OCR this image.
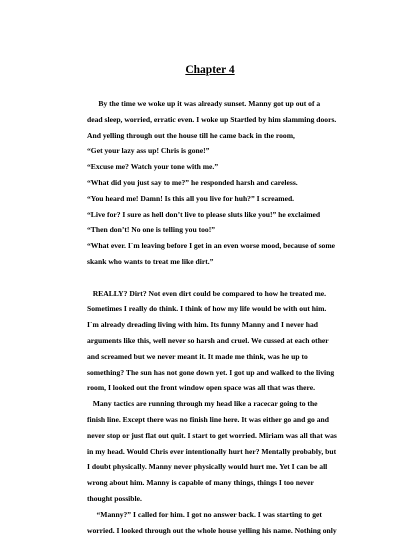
Chapter 4
By the time we woke up it was already sunset. Manny got up out of a
dead sleep, worried, erratic even. I woke up Startled by him slamming doors.
And yelling through out the house till he came back in the room,
“Get your lazy ass up! Chris is gone!”
“Excuse me? Watch your tone with me.”
“What did you just say to me?” he responded harsh and careless.
“You heard me! Damn! Is this all you live for huh?” I screamed.
“Live for? I sure as hell don’t live to please sluts like you!” he exclaimed
“Then don’t! No one is telling you too!”
“What ever. I`m leaving before I get in an even worse mood, because of some
skank who wants to treat me like dirt.”
REALLY? Dirt? Not even dirt could be compared to how he treated me.
Sometimes I really do think. I think of how my life would be with out him.
I`m already dreading living with him. Its funny Manny and I never had
arguments like this, well never so harsh and cruel. We cussed at each other
and screamed but we never meant it. It made me think, was he up to
something? The sun has not gone down yet. I got up and walked to the living
room, I looked out the front window open space was all that was there.
Many tactics are running through my head like a racecar going to the
finish line. Except there was no finish line here. It was either go and go and
never stop or just flat out quit. I start to get worried. Miriam was all that was
in my head. Would Chris ever intentionally hurt her? Mentally probably, but
I doubt physically. Manny never physically would hurt me. Yet I can be all
wrong about him. Manny is capable of many things, things I too never
thought possible.
“Manny?” I called for him. I got no answer back. I was starting to get
worried. I looked through out the whole house yelling his name. Nothing only
